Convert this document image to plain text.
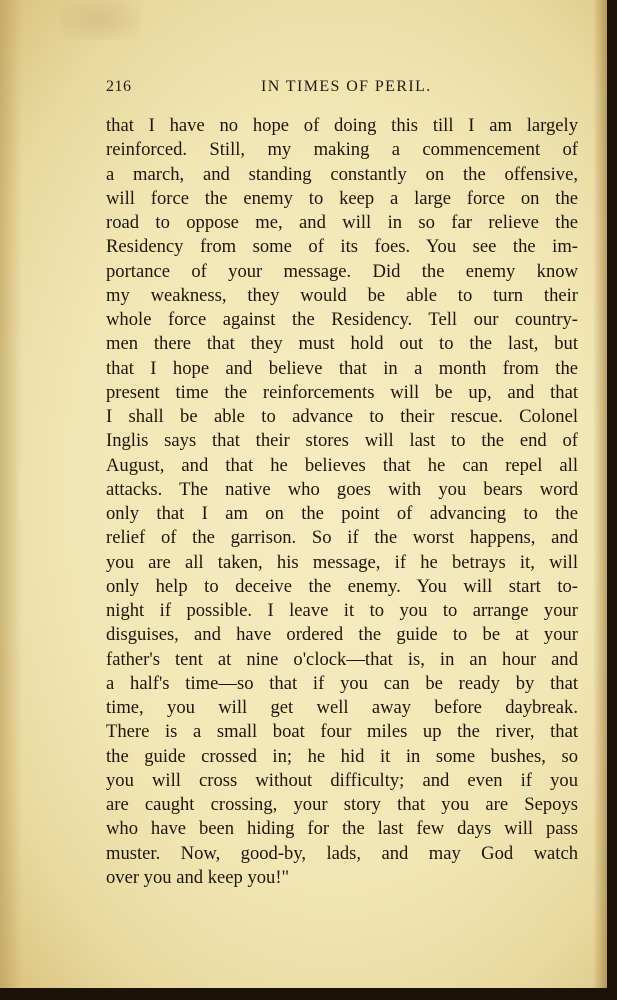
216	IN TIMES OF PERIL.
that I have no hope of doing this till I am largely
reinforced. Still, my making a commencement of
a march, and standing constantly on the offensive,
will force the enemy to keep a large force on the
road to oppose me, and will in so far relieve the
Residency from some of its foes. You see the im-
portance of your message. Did the enemy know
my weakness, they would be able to turn their
whole force against the Residency. Tell our country-
men there that they must hold out to the last, but
that I hope and believe that in a month from the
present time the reinforcements will be up, and that
I shall be able to advance to their rescue. Colonel
Inglis says that their stores will last to the end of
August, and that he believes that he can repel all
attacks. The native who goes with you bears word
only that I am on the point of advancing to the
relief of the garrison. So if the worst happens, and
you are all taken, his message, if he betrays it, will
only help to deceive the enemy. You will start to-
night if possible. I leave it to you to arrange your
disguises, and have ordered the guide to be at your
father's tent at nine o'clock—that is, in an hour and
a half's time—so that if you can be ready by that
time, you will get well away before daybreak.
There is a small boat four miles up the river, that
the guide crossed in; he hid it in some bushes, so
you will cross without difficulty; and even if you
are caught crossing, your story that you are Sepoys
who have been hiding for the last few days will pass
muster. Now, good-by, lads, and may God watch
over you and keep you!"
